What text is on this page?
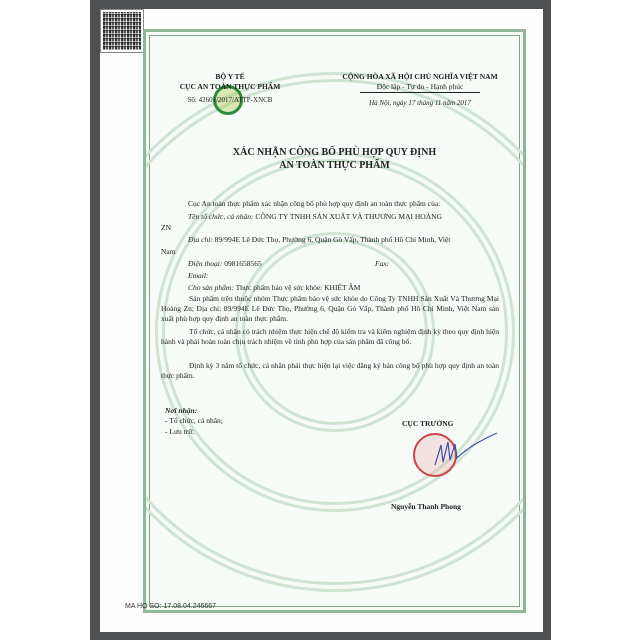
BỘ Y TẾ
CỤC AN TOÀN THỰC PHẨM
Số: 42601/2017/ATTP-XNCB
CỘNG HÒA XÃ HỘI CHỦ NGHĨA VIỆT NAM
Độc lập - Tự do - Hạnh phúc
Hà Nội, ngày 17 tháng 11 năm 2017
XÁC NHẬN CÔNG BỐ PHÙ HỢP QUY ĐỊNH
AN TOÀN THỰC PHẨM
Cục An toàn thực phẩm xác nhận công bố phù hợp quy định an toàn thực phẩm của:
Tên tổ chức, cá nhân: CÔNG TY TNHH SẢN XUẤT VÀ THƯƠNG MẠI HOÀNG
ZN
Địa chỉ: 89/994E Lê Đức Thọ, Phường 6, Quận Gò Vấp, Thành phố Hồ Chí Minh, Việt
Nam
Điện thoại: 0981658565	Fax:
Email:
Cho sản phẩm: Thực phẩm bảo vệ sức khỏe: KHIẾT ÂM
Sản phẩm trên thuộc nhóm Thực phẩm bảo vệ sức khỏe do Công Ty TNHH Sản Xuất Và Thương Mại Hoàng Zn; Địa chỉ: 89/994E Lê Đức Thọ, Phường 6, Quận Gò Vấp, Thành phố Hồ Chí Minh, Việt Nam sản xuất phù hợp quy định an toàn thực phẩm.
Tổ chức, cá nhân có trách nhiệm thực hiện chế độ kiểm tra và kiểm nghiệm định kỳ theo quy định hiện hành và phải hoàn toàn chịu trách nhiệm về tính phù hợp của sản phẩm đã công bố.
Định kỳ 3 năm tổ chức, cá nhân phải thực hiện lại việc đăng ký bản công bố phù hợp quy định an toàn thực phẩm.
Nơi nhận:
- Tổ chức, cá nhân;
- Lưu trữ.
CỤC TRƯỞNG
Nguyễn Thanh Phong
MA HO SO: 17.08.04.246667
